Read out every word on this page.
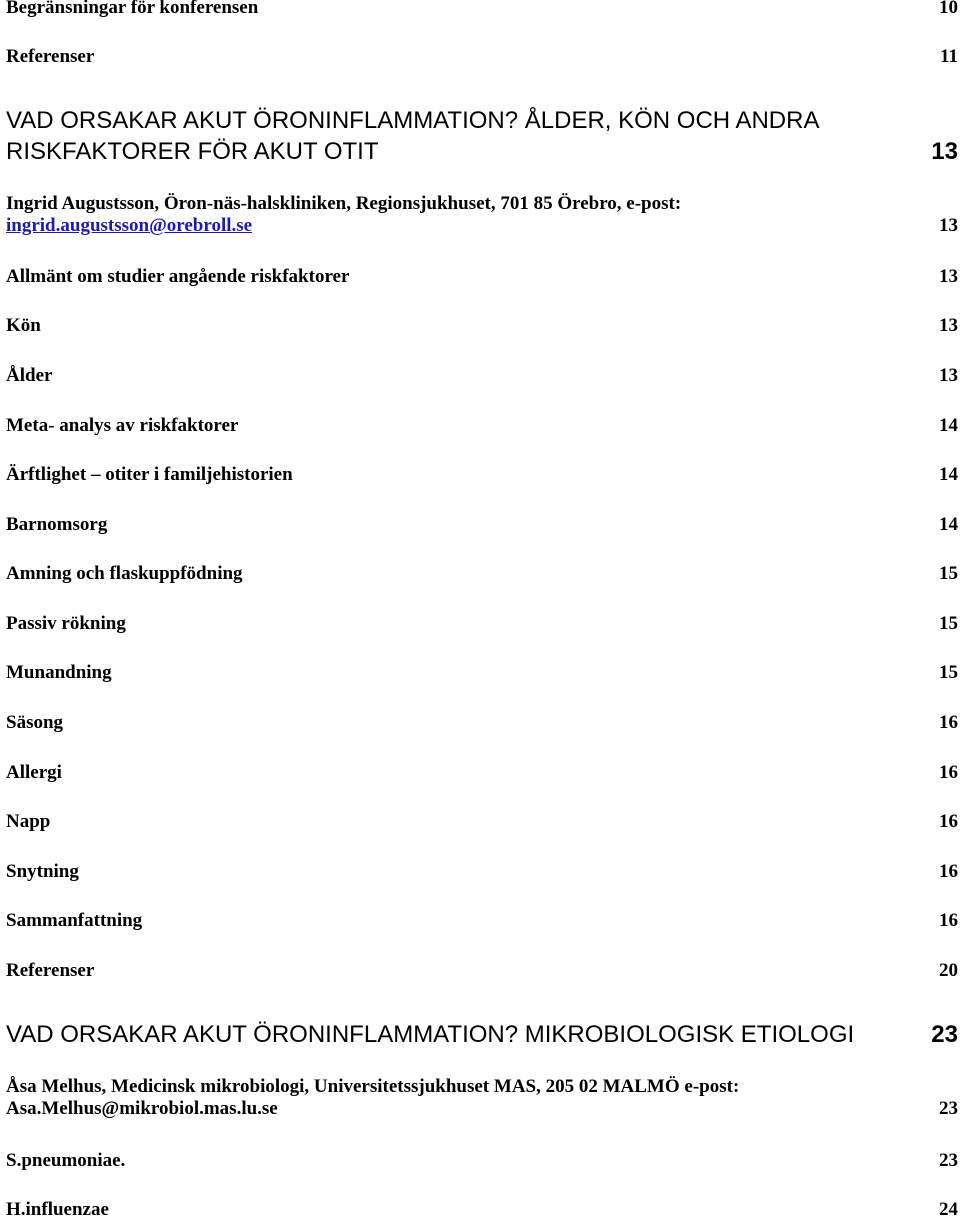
Begränsningar för konferensen	10
Referenser	11
VAD ORSAKAR AKUT ÖRONINFLAMMATION? ÅLDER, KÖN OCH ANDRA
RISKFAKTORER FÖR AKUT OTIT	13
Ingrid Augustsson, Öron-näs-halskliniken, Regionsjukhuset, 701 85 Örebro, e-post:
ingrid.augustsson@orebroll.se	13
Allmänt om studier angående riskfaktorer	13
Kön	13
Ålder	13
Meta- analys av riskfaktorer	14
Ärftlighet – otiter i familjehistorien	14
Barnomsorg	14
Amning och flaskuppfödning	15
Passiv rökning	15
Munandning	15
Säsong	16
Allergi	16
Napp	16
Snytning	16
Sammanfattning	16
Referenser	20
VAD ORSAKAR AKUT ÖRONINFLAMMATION? MIKROBIOLOGISK ETIOLOGI	23
Åsa Melhus, Medicinsk mikrobiologi, Universitetssjukhuset MAS, 205 02 MALMÖ e-post:
Asa.Melhus@mikrobiol.mas.lu.se	23
S.pneumoniae.	23
H.influenzae	24
